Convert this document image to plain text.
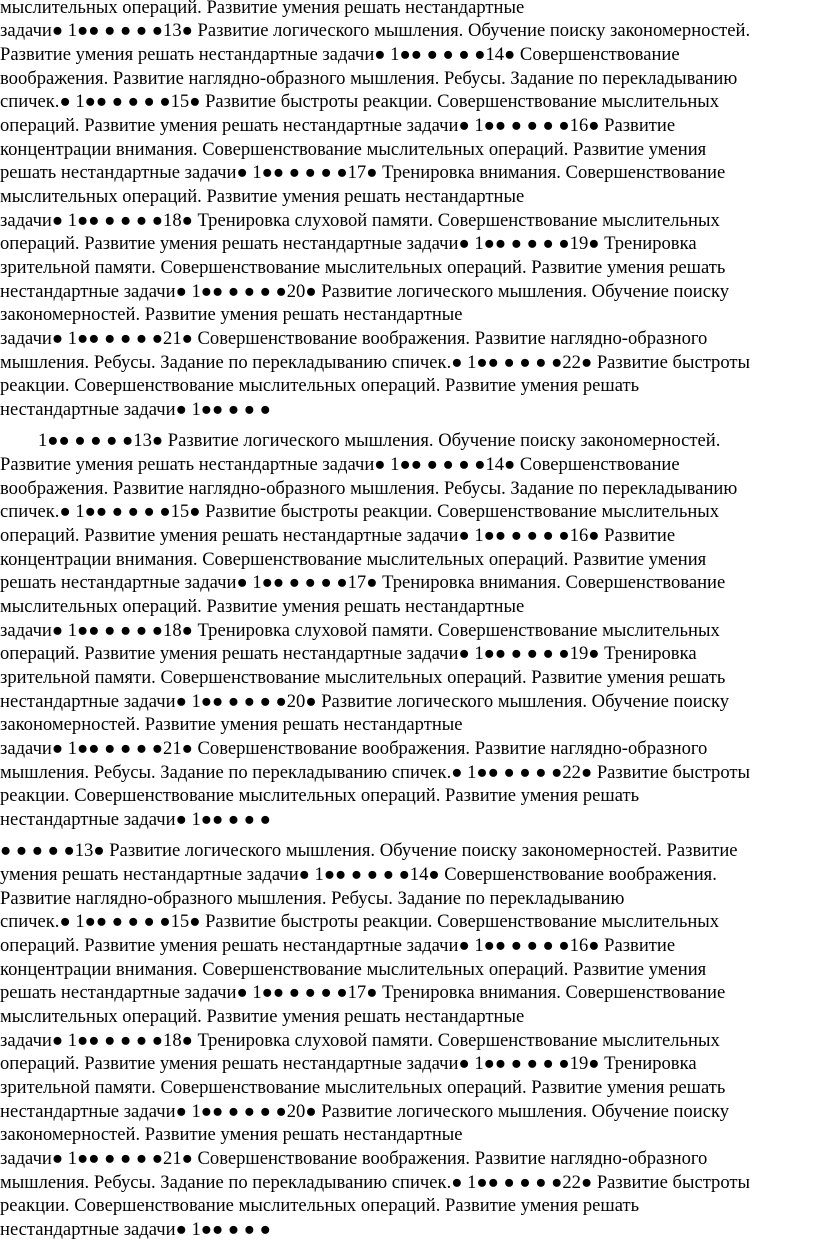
мыслительных операций. Развитие умения решать нестандартные
задачи● 1●● ● ● ● ●13● Развитие логического мышления. Обучение поиску закономерностей.
Развитие умения решать нестандартные задачи● 1●● ● ● ● ●14● Совершенствование
воображения. Развитие наглядно-образного мышления. Ребусы. Задание по перекладыванию
спичек.● 1●● ● ● ● ●15● Развитие быстроты реакции. Совершенствование мыслительных
операций. Развитие умения решать нестандартные задачи● 1●● ● ● ● ●16● Развитие
концентрации внимания. Совершенствование мыслительных операций. Развитие умения
решать нестандартные задачи● 1●● ● ● ● ●17● Тренировка внимания. Совершенствование
мыслительных операций. Развитие умения решать нестандартные
задачи● 1●● ● ● ● ●18● Тренировка слуховой памяти. Совершенствование мыслительных
операций. Развитие умения решать нестандартные задачи● 1●● ● ● ● ●19● Тренировка
зрительной памяти. Совершенствование мыслительных операций. Развитие умения решать
нестандартные задачи● 1●● ● ● ● ●20● Развитие логического мышления. Обучение поиску
закономерностей. Развитие умения решать нестандартные
задачи● 1●● ● ● ● ●21● Совершенствование воображения. Развитие наглядно-образного
мышления. Ребусы. Задание по перекладыванию спичек.● 1●● ● ● ● ●22● Развитие быстроты
реакции. Совершенствование мыслительных операций. Развитие умения решать
нестандартные задачи● 1●● ● ● ●
1●● ● ● ● ●13● Развитие логического мышления. Обучение поиску закономерностей.
Развитие умения решать нестандартные задачи● 1●● ● ● ● ●14● Совершенствование
воображения. Развитие наглядно-образного мышления. Ребусы. Задание по перекладыванию
спичек.● 1●● ● ● ● ●15● Развитие быстроты реакции. Совершенствование мыслительных
операций. Развитие умения решать нестандартные задачи● 1●● ● ● ● ●16● Развитие
концентрации внимания. Совершенствование мыслительных операций. Развитие умения
решать нестандартные задачи● 1●● ● ● ● ●17● Тренировка внимания. Совершенствование
мыслительных операций. Развитие умения решать нестандартные
задачи● 1●● ● ● ● ●18● Тренировка слуховой памяти. Совершенствование мыслительных
операций. Развитие умения решать нестандартные задачи● 1●● ● ● ● ●19● Тренировка
зрительной памяти. Совершенствование мыслительных операций. Развитие умения решать
нестандартные задачи● 1●● ● ● ● ●20● Развитие логического мышления. Обучение поиску
закономерностей. Развитие умения решать нестандартные
задачи● 1●● ● ● ● ●21● Совершенствование воображения. Развитие наглядно-образного
мышления. Ребусы. Задание по перекладыванию спичек.● 1●● ● ● ● ●22● Развитие быстроты
реакции. Совершенствование мыслительных операций. Развитие умения решать
нестандартные задачи● 1●● ● ● ●
● ● ● ● ●13● Развитие логического мышления. Обучение поиску закономерностей. Развитие
умения решать нестандартные задачи● 1●● ● ● ● ●14● Совершенствование воображения.
Развитие наглядно-образного мышления. Ребусы. Задание по перекладыванию
спичек.● 1●● ● ● ● ●15● Развитие быстроты реакции. Совершенствование мыслительных
операций. Развитие умения решать нестандартные задачи● 1●● ● ● ● ●16● Развитие
концентрации внимания. Совершенствование мыслительных операций. Развитие умения
решать нестандартные задачи● 1●● ● ● ● ●17● Тренировка внимания. Совершенствование
мыслительных операций. Развитие умения решать нестандартные
задачи● 1●● ● ● ● ●18● Тренировка слуховой памяти. Совершенствование мыслительных
операций. Развитие умения решать нестандартные задачи● 1●● ● ● ● ●19● Тренировка
зрительной памяти. Совершенствование мыслительных операций. Развитие умения решать
нестандартные задачи● 1●● ● ● ● ●20● Развитие логического мышления. Обучение поиску
закономерностей. Развитие умения решать нестандартные
задачи● 1●● ● ● ● ●21● Совершенствование воображения. Развитие наглядно-образного
мышления. Ребусы. Задание по перекладыванию спичек.● 1●● ● ● ● ●22● Развитие быстроты
реакции. Совершенствование мыслительных операций. Развитие умения решать
нестандартные задачи● 1●● ● ● ●
